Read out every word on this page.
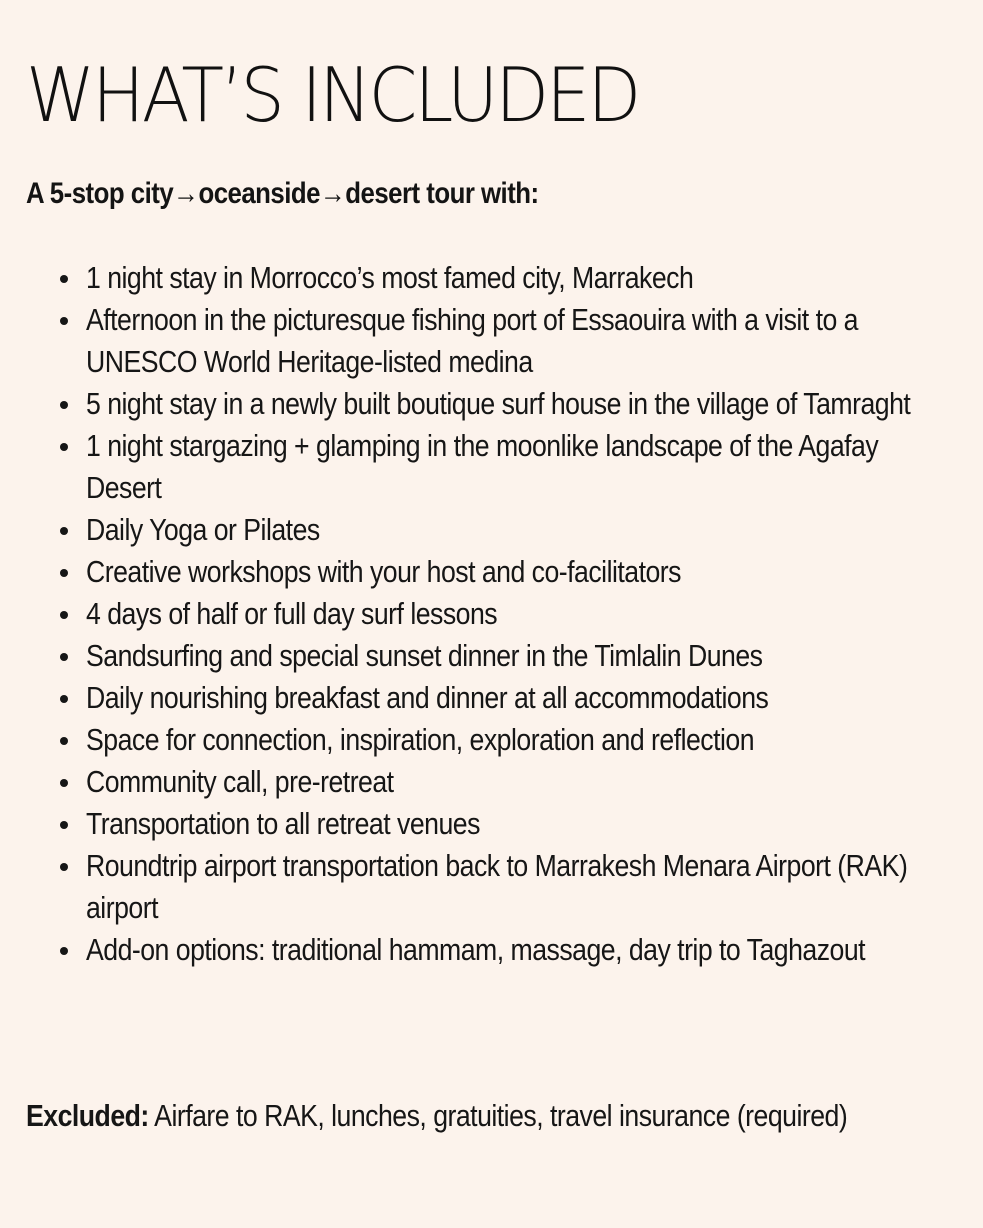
WHAT’S INCLUDED
A 5-stop city→oceanside→desert tour with:
1 night stay in Morrocco’s most famed city, Marrakech
Afternoon in the picturesque fishing port of Essaouira with a visit to a UNESCO World Heritage-listed medina
5 night stay in a newly built boutique surf house in the village of Tamraght
1 night stargazing + glamping in the moonlike landscape of the Agafay Desert
Daily Yoga or Pilates
Creative workshops with your host and co-facilitators
4 days of half or full day surf lessons
Sandsurfing and special sunset dinner in the Timlalin Dunes
Daily nourishing breakfast and dinner at all accommodations
Space for connection, inspiration, exploration and reflection
Community call, pre-retreat
Transportation to all retreat venues
Roundtrip airport transportation back to Marrakesh Menara Airport (RAK) airport
Add-on options: traditional hammam, massage, day trip to Taghazout

Excluded: Airfare to RAK, lunches, gratuities, travel insurance (required)
